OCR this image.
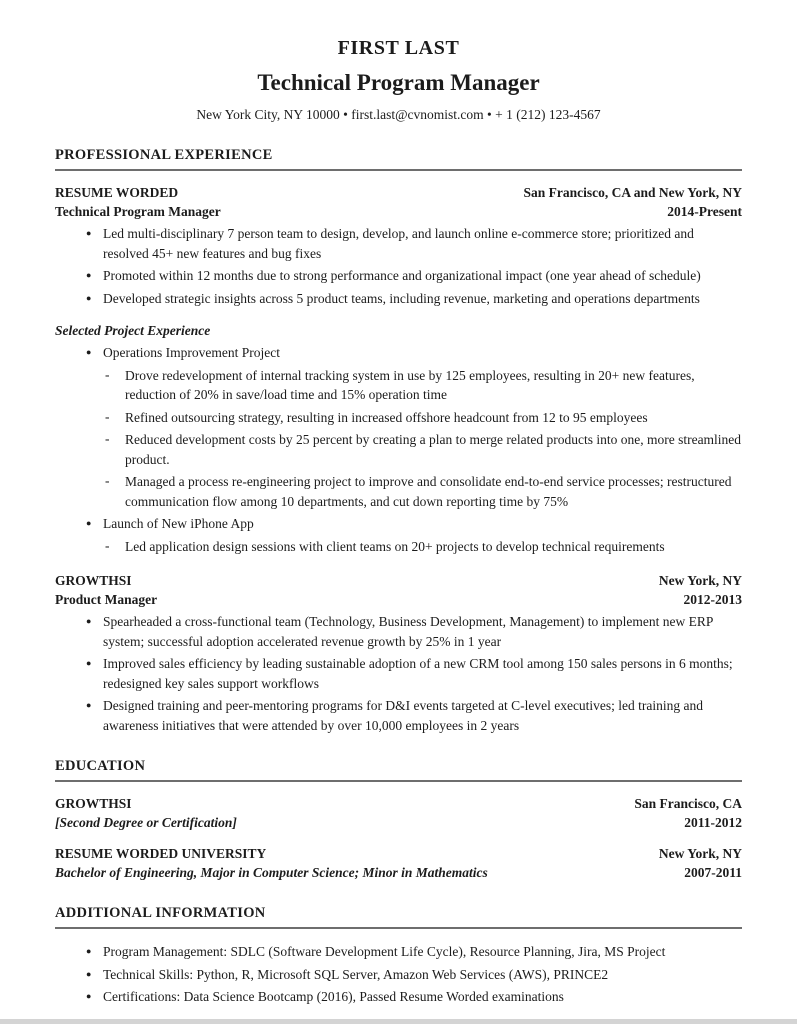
FIRST LAST
Technical Program Manager
New York City, NY 10000 • first.last@cvnomist.com • + 1 (212) 123-4567
PROFESSIONAL EXPERIENCE
RESUME WORDED	San Francisco, CA and New York, NY
Technical Program Manager	2014-Present
● Led multi-disciplinary 7 person team to design, develop, and launch online e-commerce store; prioritized and resolved 45+ new features and bug fixes
● Promoted within 12 months due to strong performance and organizational impact (one year ahead of schedule)
● Developed strategic insights across 5 product teams, including revenue, marketing and operations departments
Selected Project Experience
● Operations Improvement Project
- Drove redevelopment of internal tracking system in use by 125 employees, resulting in 20+ new features, reduction of 20% in save/load time and 15% operation time
- Refined outsourcing strategy, resulting in increased offshore headcount from 12 to 95 employees
- Reduced development costs by 25 percent by creating a plan to merge related products into one, more streamlined product.
- Managed a process re-engineering project to improve and consolidate end-to-end service processes; restructured communication flow among 10 departments, and cut down reporting time by 75%
● Launch of New iPhone App
- Led application design sessions with client teams on 20+ projects to develop technical requirements
GROWTHSI	New York, NY
Product Manager	2012-2013
● Spearheaded a cross-functional team (Technology, Business Development, Management) to implement new ERP system; successful adoption accelerated revenue growth by 25% in 1 year
● Improved sales efficiency by leading sustainable adoption of a new CRM tool among 150 sales persons in 6 months; redesigned key sales support workflows
● Designed training and peer-mentoring programs for D&I events targeted at C-level executives; led training and awareness initiatives that were attended by over 10,000 employees in 2 years
EDUCATION
GROWTHSI	San Francisco, CA
[Second Degree or Certification]	2011-2012
RESUME WORDED UNIVERSITY	New York, NY
Bachelor of Engineering, Major in Computer Science; Minor in Mathematics	2007-2011
ADDITIONAL INFORMATION
● Program Management: SDLC (Software Development Life Cycle), Resource Planning, Jira, MS Project
● Technical Skills: Python, R, Microsoft SQL Server, Amazon Web Services (AWS), PRINCE2
● Certifications: Data Science Bootcamp (2016), Passed Resume Worded examinations
